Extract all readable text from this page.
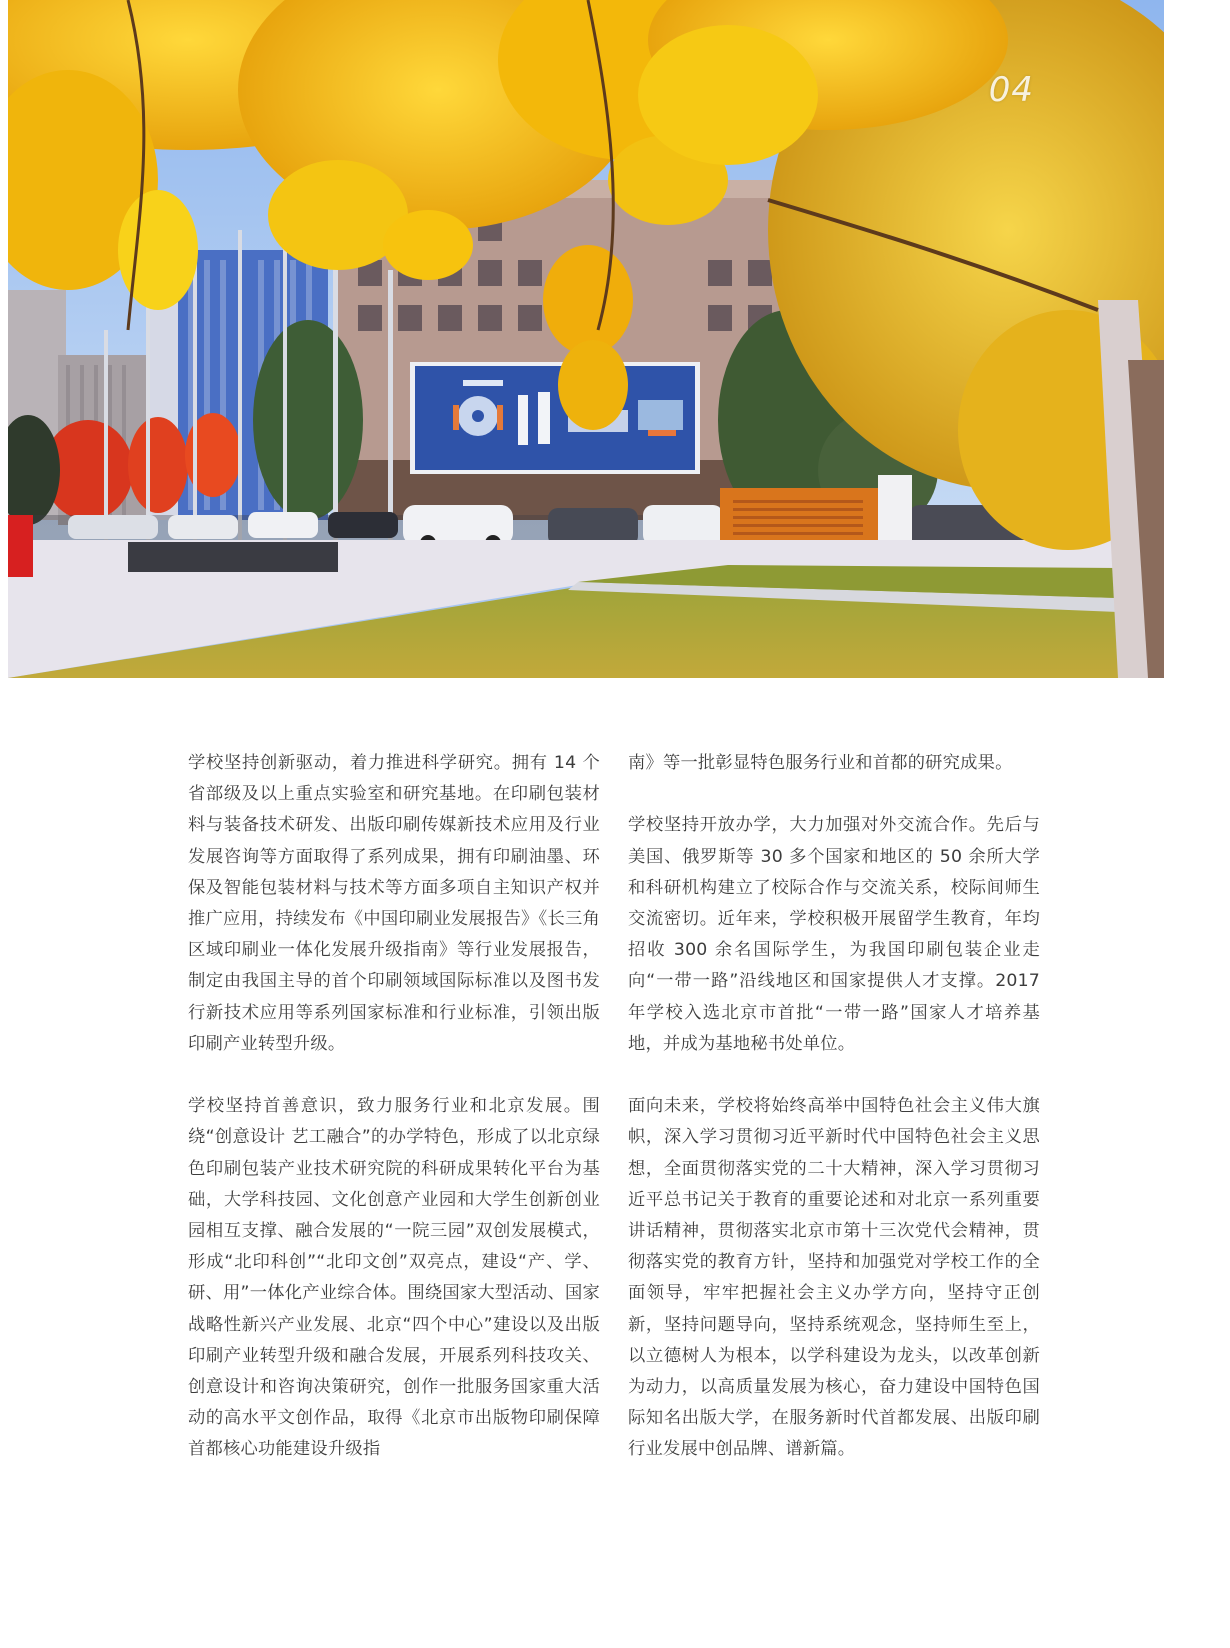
04

学校坚持创新驱动，着力推进科学研究。拥有 14 个省部级及以上重点实验室和研究基地。在印刷包装材料与装备技术研发、出版印刷传媒新技术应用及行业发展咨询等方面取得了系列成果，拥有印刷油墨、环保及智能包装材料与技术等方面多项自主知识产权并推广应用，持续发布《中国印刷业发展报告》《长三角区域印刷业一体化发展升级指南》等行业发展报告，制定由我国主导的首个印刷领域国际标准以及图书发行新技术应用等系列国家标准和行业标准，引领出版印刷产业转型升级。

学校坚持首善意识，致力服务行业和北京发展。围绕“创意设计 艺工融合”的办学特色，形成了以北京绿色印刷包装产业技术研究院的科研成果转化平台为基础，大学科技园、文化创意产业园和大学生创新创业园相互支撑、融合发展的“一院三园”双创发展模式，形成“北印科创”“北印文创”双亮点，建设“产、学、研、用”一体化产业综合体。围绕国家大型活动、国家战略性新兴产业发展、北京“四个中心”建设以及出版印刷产业转型升级和融合发展，开展系列科技攻关、创意设计和咨询决策研究，创作一批服务国家重大活动的高水平文创作品，取得《北京市出版物印刷保障首都核心功能建设升级指

南》等一批彰显特色服务行业和首都的研究成果。

学校坚持开放办学，大力加强对外交流合作。先后与美国、俄罗斯等 30 多个国家和地区的 50 余所大学和科研机构建立了校际合作与交流关系，校际间师生交流密切。近年来，学校积极开展留学生教育，年均招收 300 余名国际学生，为我国印刷包装企业走向“一带一路”沿线地区和国家提供人才支撑。2017 年学校入选北京市首批“一带一路”国家人才培养基地，并成为基地秘书处单位。

面向未来，学校将始终高举中国特色社会主义伟大旗帜，深入学习贯彻习近平新时代中国特色社会主义思想，全面贯彻落实党的二十大精神，深入学习贯彻习近平总书记关于教育的重要论述和对北京一系列重要讲话精神，贯彻落实北京市第十三次党代会精神，贯彻落实党的教育方针，坚持和加强党对学校工作的全面领导，牢牢把握社会主义办学方向，坚持守正创新，坚持问题导向，坚持系统观念，坚持师生至上，以立德树人为根本，以学科建设为龙头，以改革创新为动力，以高质量发展为核心，奋力建设中国特色国际知名出版大学，在服务新时代首都发展、出版印刷行业发展中创品牌、谱新篇。
